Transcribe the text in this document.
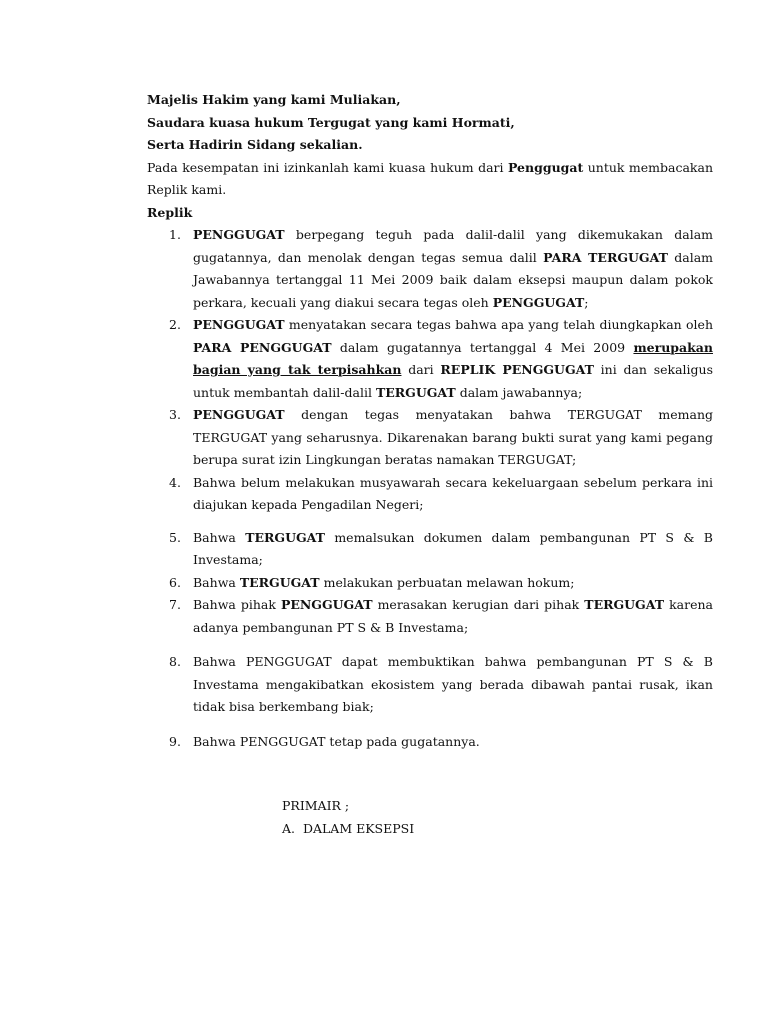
Majelis Hakim yang kami Muliakan,
Saudara kuasa hukum Tergugat yang kami Hormati,
Serta Hadirin Sidang sekalian.
Pada kesempatan ini izinkanlah kami kuasa hukum dari Penggugat untuk membacakan Replik kami.
Replik
1. PENGGUGAT berpegang teguh pada dalil-dalil yang dikemukakan dalam gugatannya, dan menolak dengan tegas semua dalil PARA TERGUGAT dalam Jawabannya tertanggal 11 Mei 2009 baik dalam eksepsi maupun dalam pokok perkara, kecuali yang diakui secara tegas oleh PENGGUGAT;
2. PENGGUGAT menyatakan secara tegas bahwa apa yang telah diungkapkan oleh PARA PENGGUGAT dalam gugatannya tertanggal 4 Mei 2009 merupakan bagian yang tak terpisahkan dari REPLIK PENGGUGAT ini dan sekaligus untuk membantah dalil-dalil TERGUGAT dalam jawabannya;
3. PENGGUGAT dengan tegas menyatakan bahwa TERGUGAT memang TERGUGAT yang seharusnya. Dikarenakan barang bukti surat yang kami pegang berupa surat izin Lingkungan beratas namakan TERGUGAT;
4. Bahwa belum melakukan musyawarah secara kekeluargaan sebelum perkara ini diajukan kepada Pengadilan Negeri;
5. Bahwa TERGUGAT memalsukan dokumen dalam pembangunan PT S & B Investama;
6. Bahwa TERGUGAT melakukan perbuatan melawan hokum;
7. Bahwa pihak PENGGUGAT merasakan kerugian dari pihak TERGUGAT karena adanya pembangunan PT S & B Investama;
8. Bahwa PENGGUGAT dapat membuktikan bahwa pembangunan PT S & B Investama mengakibatkan ekosistem yang berada dibawah pantai rusak, ikan tidak bisa berkembang biak;
9. Bahwa PENGGUGAT tetap pada gugatannya.
PRIMAIR ;
A.  DALAM EKSEPSI
